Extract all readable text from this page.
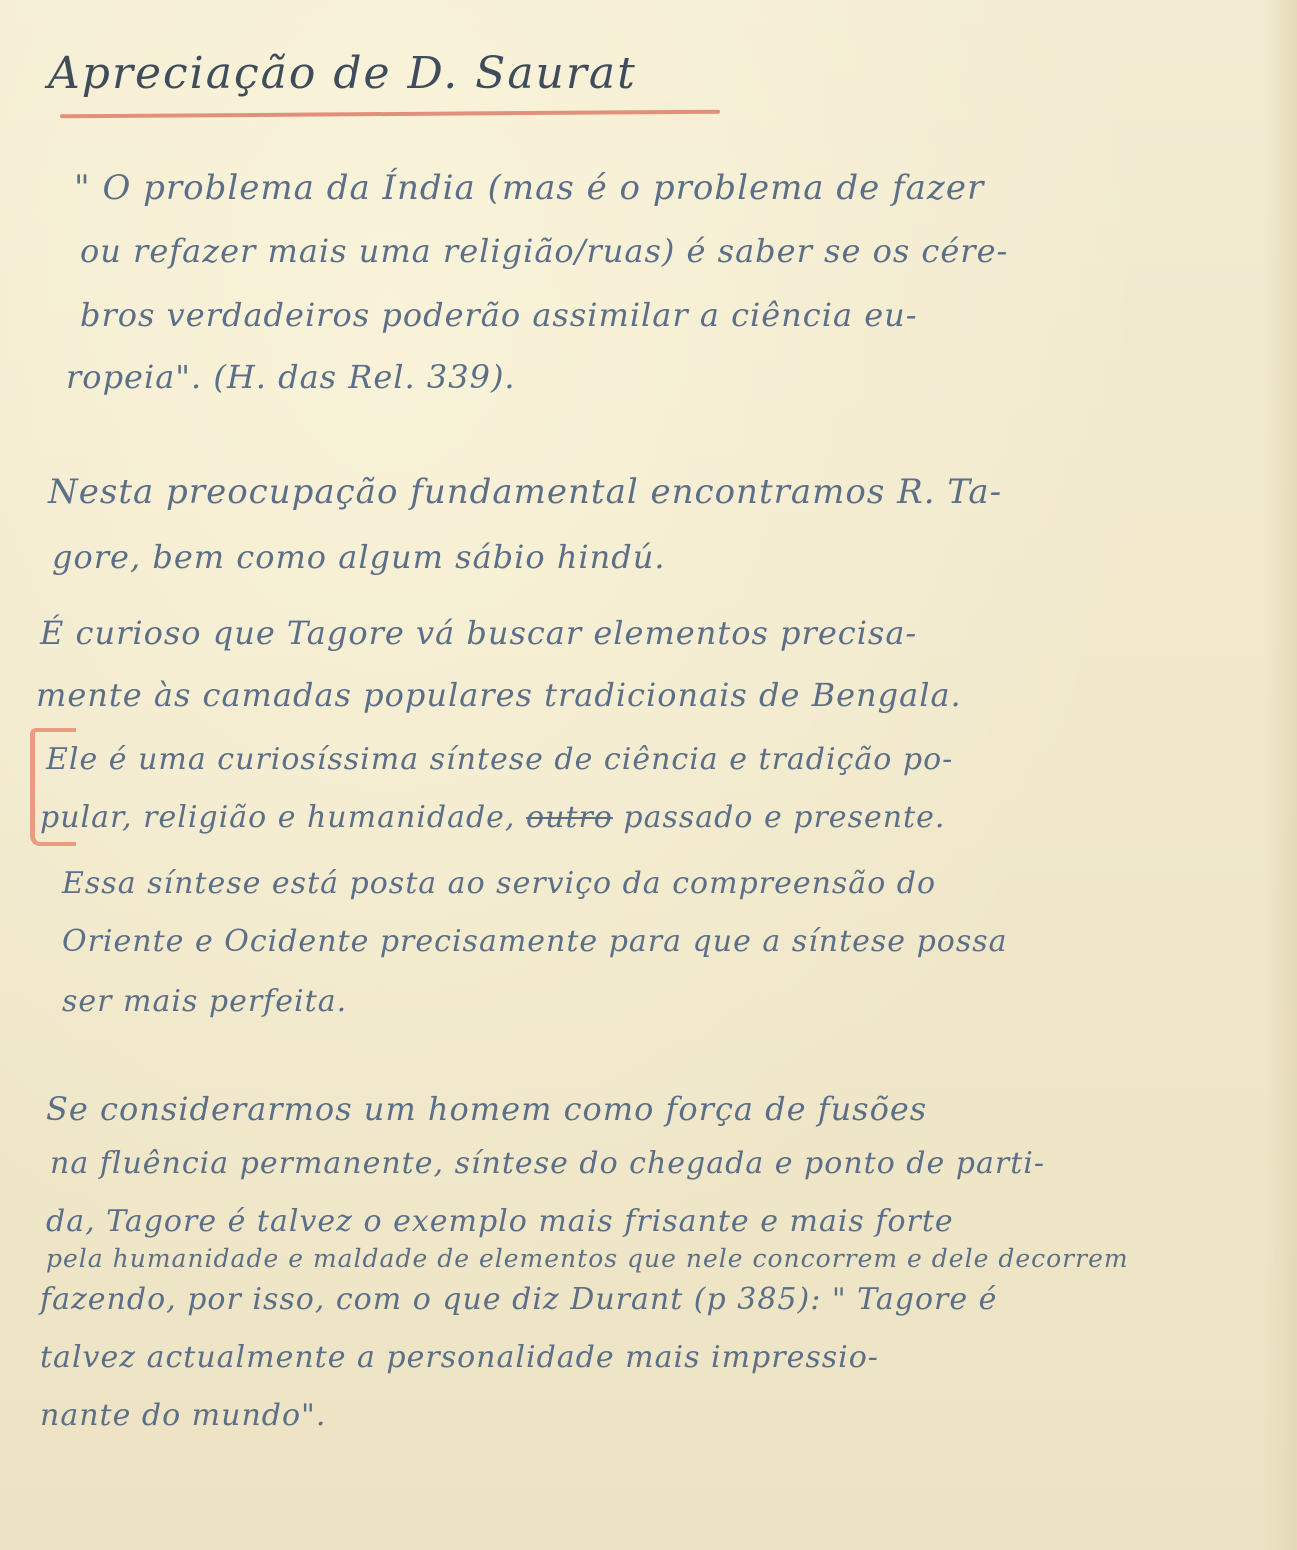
Apreciação de D. Saurat
" O problema da Índia (mas é o problema de fazer
ou refazer mais uma religião/ruas) é saber se os cére-
bros verdadeiros poderão assimilar a ciência eu-
ropeia". (H. das Rel. 339).
Nesta preocupação fundamental encontramos R. Ta-
gore, bem como algum sábio hindú.
É curioso que Tagore vá buscar elementos precisa-
mente às camadas populares tradicionais de Bengala.
Ele é uma curiosíssima síntese de ciência e tradição po-
pular, religião e humanidade, outro passado e presente.
Essa síntese está posta ao serviço da compreensão do
Oriente e Ocidente precisamente para que a síntese possa
ser mais perfeita.
Se considerarmos um homem como força de fusões
na fluência permanente, síntese do chegada e ponto de parti-
da, Tagore é talvez o exemplo mais frisante e mais forte
pela humanidade e maldade de elementos que nele concorrem e dele decorrem
fazendo, por isso, com o que diz Durant (p 385): " Tagore é
talvez actualmente a personalidade mais impressio-
nante do mundo".
